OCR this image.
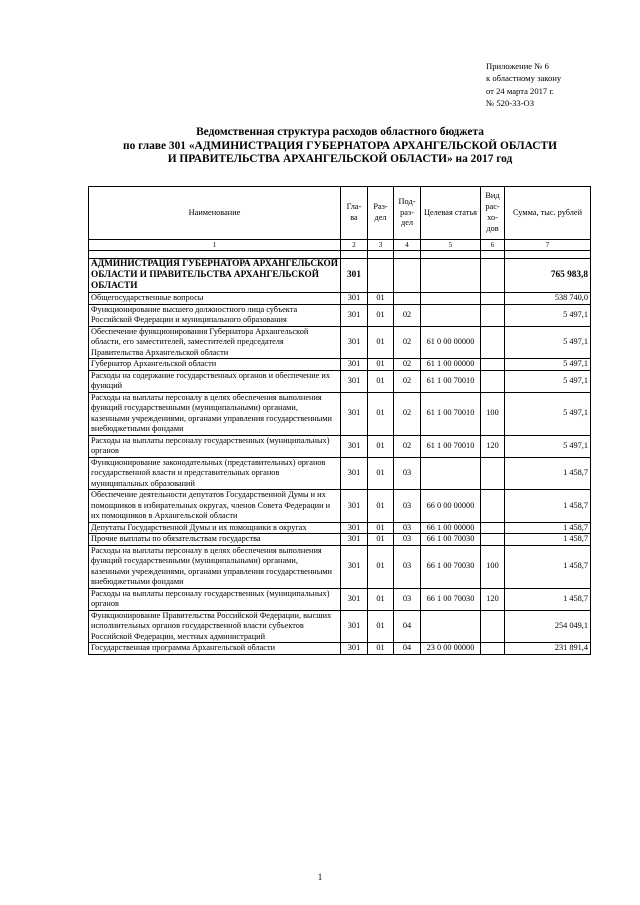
Приложение № 6
к областному закону
от 24 марта 2017 г.
№ 520-33-ОЗ
Ведомственная структура расходов областного бюджета
по главе 301 «АДМИНИСТРАЦИЯ ГУБЕРНАТОРА АРХАНГЕЛЬСКОЙ ОБЛАСТИ
И ПРАВИТЕЛЬСТВА АРХАНГЕЛЬСКОЙ ОБЛАСТИ» на 2017 год
Наименование	Гла-ва	Раз-дел	Под-раз-дел	Целевая статья	Вид рас-хо-дов	Сумма, тыс. рублей
1	2	3	4	5	6	7

АДМИНИСТРАЦИЯ ГУБЕРНАТОРА АРХАНГЕЛЬСКОЙ ОБЛАСТИ И ПРАВИТЕЛЬСТВА АРХАНГЕЛЬСКОЙ ОБЛАСТИ	301					765 983,8
Общегосударственные вопросы	301	01				538 740,0
Функционирование высшего должностного лица субъекта Российской Федерации и муниципального образования	301	01	02			5 497,1
Обеспечение функционирования Губернатора Архангельской области, его заместителей, заместителей председателя Правительства Архангельской области	301	01	02	61 0 00 00000		5 497,1
Губернатор Архангельской области	301	01	02	61 1 00 00000		5 497,1
Расходы на содержание государственных органов и обеспечение их функций	301	01	02	61 1 00 70010		5 497,1
Расходы на выплаты персоналу в целях обеспечения выполнения функций государственными (муниципальными) органами, казенными учреждениями, органами управления государственными внебюджетными фондами	301	01	02	61 1 00 70010	100	5 497,1
Расходы на выплаты персоналу государственных (муниципальных) органов	301	01	02	61 1 00 70010	120	5 497,1
Функционирование законодательных (представительных) органов государственной власти и представительных органов муниципальных образований	301	01	03			1 458,7
Обеспечение деятельности депутатов Государственной Думы и их помощников в избирательных округах, членов Совета Федерации и их помощников в Архангельской области	301	01	03	66 0 00 00000		1 458,7
Депутаты Государственной Думы и их помощники в округах	301	01	03	66 1 00 00000		1 458,7
Прочие выплаты по обязательствам государства	301	01	03	66 1 00 70030		1 458,7
Расходы на выплаты персоналу в целях обеспечения выполнения функций государственными (муниципальными) органами, казенными учреждениями, органами управления государственными внебюджетными фондами	301	01	03	66 1 00 70030	100	1 458,7
Расходы на выплаты персоналу государственных (муниципальных) органов	301	01	03	66 1 00 70030	120	1 458,7
Функционирование Правительства Российской Федерации, высших исполнительных органов государственной власти субъектов Российской Федерации, местных администраций	301	01	04			254 049,1
Государственная программа Архангельской области	301	01	04	23 0 00 00000		231 891,4
1
